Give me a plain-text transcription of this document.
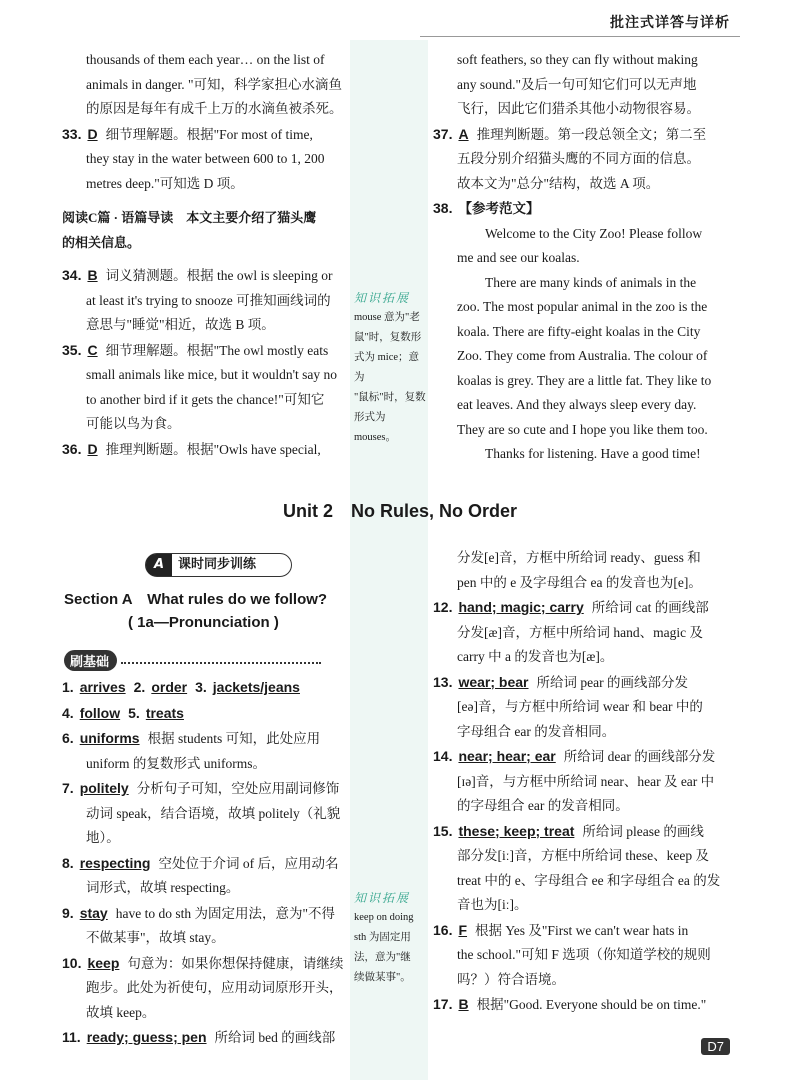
批注式详答与详析

thousands of them each year… on the list of

animals in danger. "可知，科学家担心水滴鱼

的原因是每年有成千上万的水滴鱼被杀死。

33. D 细节理解题。根据"For most of time,

they stay in the water between 600 to 1, 200

metres deep."可知选 D 项。

阅读C篇 · 语篇导读　本文主要介绍了猫头鹰

的相关信息。

34. B 词义猜测题。根据 the owl is sleeping or

at least it's trying to snooze 可推知画线词的

意思与"睡觉"相近，故选 B 项。

35. C 细节理解题。根据"The owl mostly eats

small animals like mice, but it wouldn't say no

to another bird if it gets the chance!"可知它

可能以鸟为食。

36. D 推理判断题。根据"Owls have special,

知识拓展
mouse 意为"老
鼠"时，复数形
式为 mice；意为
"鼠标"时，复数
形式为 mouses。

soft feathers, so they can fly without making

any sound."及后一句可知它们可以无声地

飞行，因此它们猎杀其他小动物很容易。

37. A 推理判断题。第一段总领全文；第二至

五段分别介绍猫头鹰的不同方面的信息。

故本文为"总分"结构，故选 A 项。

38. 【参考范文】

Welcome to the City Zoo! Please follow

me and see our koalas.

There are many kinds of animals in the

zoo. The most popular animal in the zoo is the

koala. There are fifty-eight koalas in the City

Zoo. They come from Australia. The colour of

koalas is grey. They are a little fat. They like to

eat leaves. And they always sleep every day.

They are so cute and I hope you like them too.

Thanks for listening. Have a good time!

Unit 2　No Rules, No Order
A 课时同步训练
Section A　What rules do we follow?
( 1a—Pronunciation )
刷基础

1. arrives 2. order 3. jackets/jeans

4. follow 5. treats

6. uniforms 根据 students 可知，此处应用

uniform 的复数形式 uniforms。

7. politely 分析句子可知，空处应用副词修饰

动词 speak，结合语境，故填 politely（礼貌地）。

8. respecting 空处位于介词 of 后，应用动名

词形式，故填 respecting。

9. stay have to do sth 为固定用法，意为"不得

不做某事"，故填 stay。

10. keep 句意为：如果你想保持健康，请继续

跑步。此处为祈使句，应用动词原形开头，

故填 keep。

11. ready; guess; pen 所给词 bed 的画线部

知识拓展
keep on doing
sth 为固定用
法，意为"继
续做某事"。

分发[e]音，方框中所给词 ready、guess 和

pen 中的 e 及字母组合 ea 的发音也为[e]。

12. hand; magic; carry 所给词 cat 的画线部

分发[æ]音，方框中所给词 hand、magic 及

carry 中 a 的发音也为[æ]。

13. wear; bear 所给词 pear 的画线部分发

[eə]音，与方框中所给词 wear 和 bear 中的

字母组合 ear 的发音相同。

14. near; hear; ear 所给词 dear 的画线部分发

[ɪə]音，与方框中所给词 near、hear 及 ear 中

的字母组合 ear 的发音相同。

15. these; keep; treat 所给词 please 的画线

部分发[iː]音，方框中所给词 these、keep 及

treat 中的 e、字母组合 ee 和字母组合 ea 的发

音也为[iː]。

16. F 根据 Yes 及"First we can't wear hats in

the school."可知 F 选项（你知道学校的规则

吗？）符合语境。

17. B 根据"Good. Everyone should be on time."

D7
